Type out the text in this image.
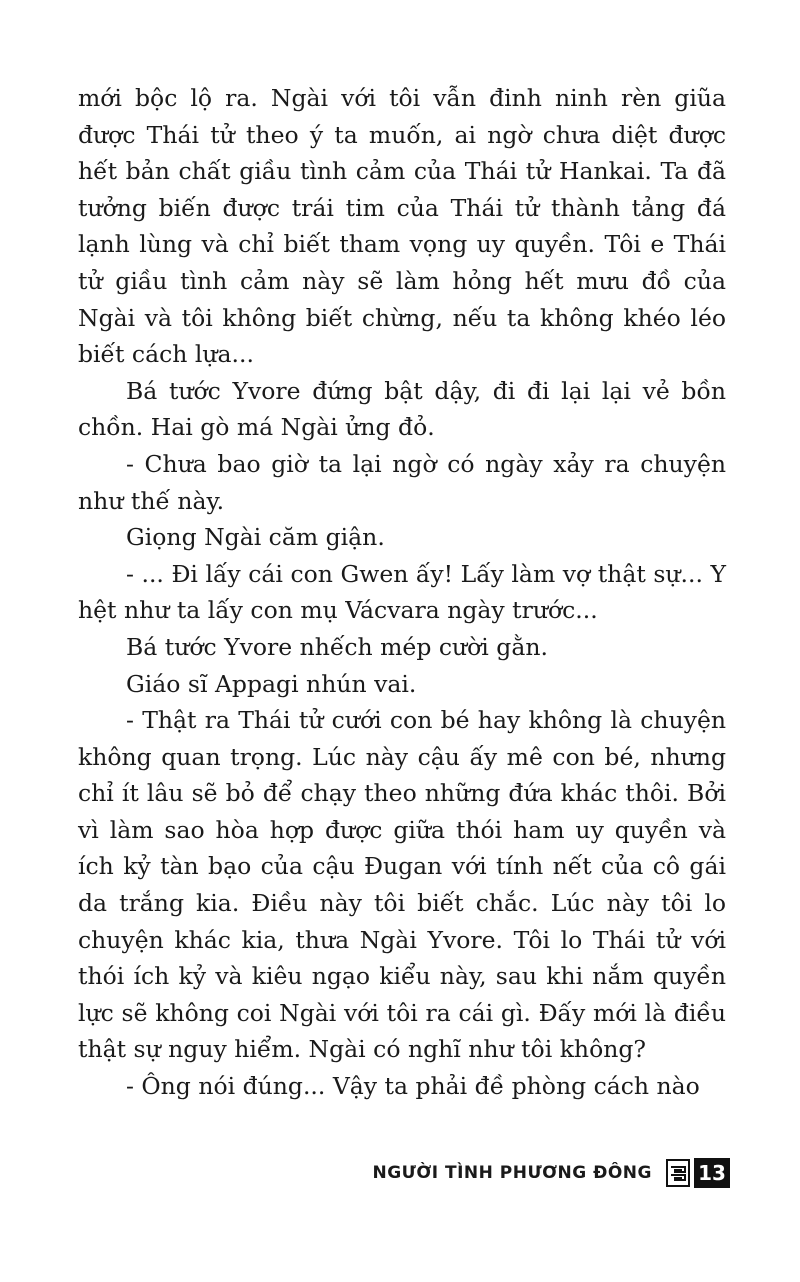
mới bộc lộ ra. Ngài với tôi vẫn đinh ninh rèn giũa được Thái tử theo ý ta muốn, ai ngờ chưa diệt được hết bản chất giầu tình cảm của Thái tử Hankai. Ta đã tưởng biến được trái tim của Thái tử thành tảng đá lạnh lùng và chỉ biết tham vọng uy quyền. Tôi e Thái tử giầu tình cảm này sẽ làm hỏng hết mưu đồ của Ngài và tôi không biết chừng, nếu ta không khéo léo biết cách lựa...

Bá tước Yvore đứng bật dậy, đi đi lại lại vẻ bồn chồn. Hai gò má Ngài ửng đỏ.

- Chưa bao giờ ta lại ngờ có ngày xảy ra chuyện như thế này.

Giọng Ngài căm giận.

- ... Đi lấy cái con Gwen ấy! Lấy làm vợ thật sự... Y hệt như ta lấy con mụ Vácvara ngày trước...

Bá tước Yvore nhếch mép cười gằn.

Giáo sĩ Appagi nhún vai.

- Thật ra Thái tử cưới con bé hay không là chuyện không quan trọng. Lúc này cậu ấy mê con bé, nhưng chỉ ít lâu sẽ bỏ để chạy theo những đứa khác thôi. Bởi vì làm sao hòa hợp được giữa thói ham uy quyền và ích kỷ tàn bạo của cậu Đugan với tính nết của cô gái da trắng kia. Điều này tôi biết chắc. Lúc này tôi lo chuyện khác kia, thưa Ngài Yvore. Tôi lo Thái tử với thói ích kỷ và kiêu ngạo kiểu này, sau khi nắm quyền lực sẽ không coi Ngài với tôi ra cái gì. Đấy mới là điều thật sự nguy hiểm. Ngài có nghĩ như tôi không?

- Ông nói đúng... Vậy ta phải đề phòng cách nào

NGƯỜI TÌNH PHƯƠNG ĐÔNG 13
